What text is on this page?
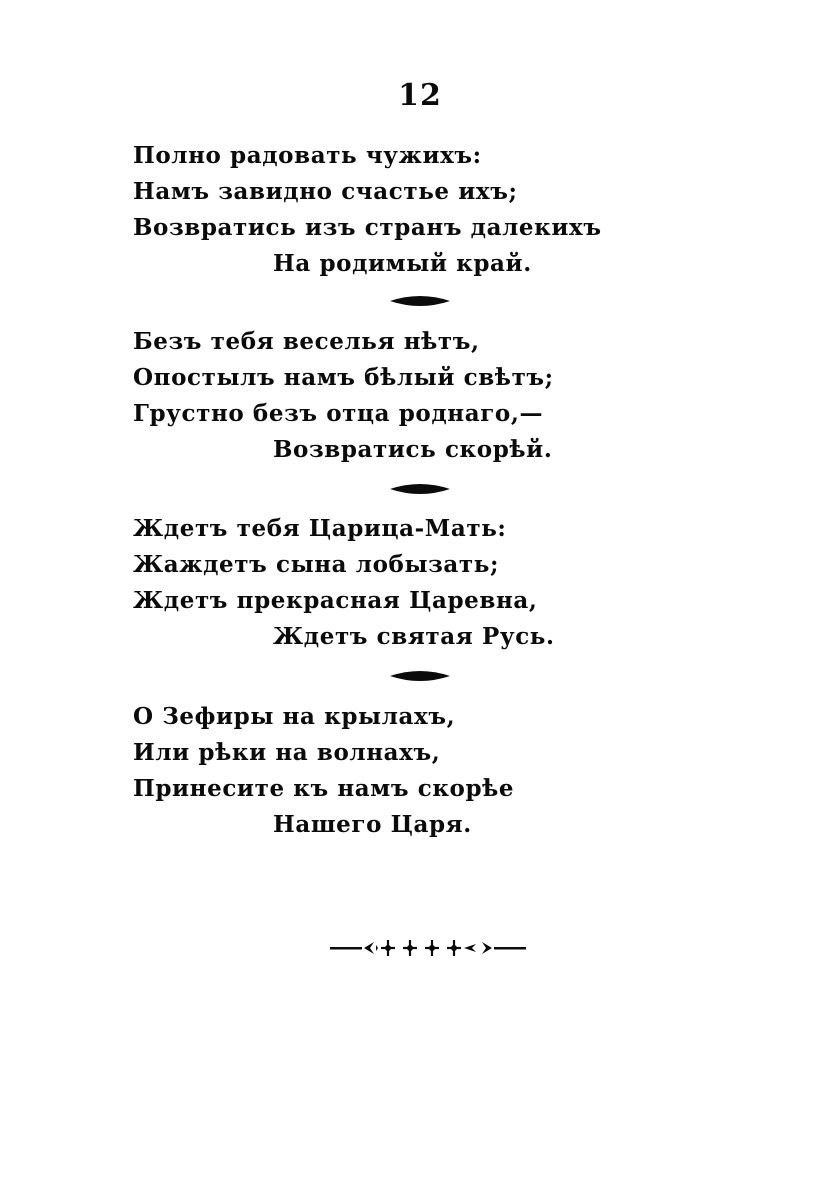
12
Полно радовать чужихъ:
Намъ завидно счастье ихъ;
Возвратись изъ странъ далекихъ
На родимый край.
Безъ тебя веселья нѣтъ,
Опостылъ намъ бѣлый свѣтъ;
Грустно безъ отца роднаго,—
Возвратись скорѣй.
Ждетъ тебя Царица-Мать:
Жаждетъ сына лобызать;
Ждетъ прекрасная Царевна,
Ждетъ святая Русь.
О Зефиры на крылахъ,
Или рѣки на волнахъ,
Принесите къ намъ скорѣе
Нашего Царя.
